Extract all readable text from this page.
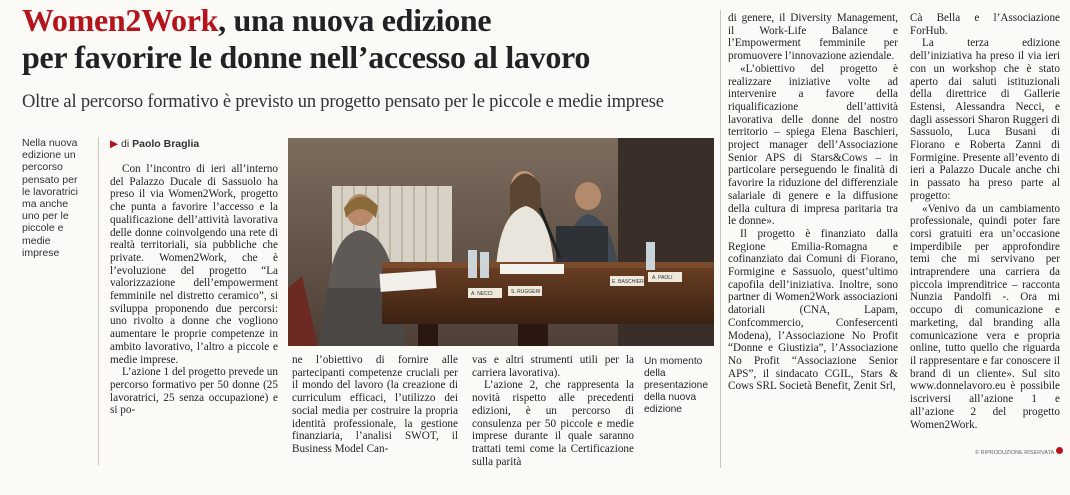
Women2Work, una nuova edizione
per favorire le donne nell’accesso al lavoro

Oltre al percorso formativo è previsto un progetto pensato per le piccole e medie imprese

Nella nuova edizione un percorso pensato per le lavoratrici ma anche uno per le piccole e medie imprese

▶ di Paolo Braglia

A. NECCI	S. RUGGERI
E. BASCHIERI
A. PAOLI

Un momento della presentazione della nuova edizione

Con l’incontro di ieri all’interno del Palazzo Ducale di Sassuolo ha preso il via Women2Work, progetto che punta a favorire l’accesso e la qualificazione dell’attività lavorativa delle donne coinvolgendo una rete di realtà territoriali, sia pubbliche che private. Women2Work, che è l’evoluzione del progetto “La valorizzazione dell’empowerment femminile nel distretto ceramico”, si sviluppa proponendo due percorsi: uno rivolto a donne che vogliono aumentare le proprie competenze in ambito lavorativo, l’altro a piccole e medie imprese.

L’azione 1 del progetto prevede un percorso formativo per 50 donne (25 lavoratrici, 25 senza occupazione) e si po-

ne l’obiettivo di fornire alle partecipanti competenze cruciali per il mondo del lavoro (la creazione di curriculum efficaci, l’utilizzo dei social media per costruire la propria identità professionale, la gestione finanziaria, l’analisi SWOT, il Business Model Can-

vas e altri strumenti utili per la carriera lavorativa).

L’azione 2, che rappresenta la novità rispetto alle precedenti edizioni, è un percorso di consulenza per 50 piccole e medie imprese durante il quale saranno trattati temi come la Certificazione sulla parità

di genere, il Diversity Management, il Work-Life Balance e l’Empowerment femminile per promuovere l’innovazione aziendale.

«L’obiettivo del progetto è realizzare iniziative volte ad intervenire a favore della riqualificazione dell’attività lavorativa delle donne del nostro territorio – spiega Elena Baschieri, project manager dell’Associazione Senior APS di Stars&Cows – in particolare perseguendo le finalità di favorire la riduzione del differenziale salariale di genere e la diffusione della cultura di impresa paritaria tra le donne».

Il progetto è finanziato dalla Regione Emilia-Romagna e cofinanziato dai Comuni di Fiorano, Formigine e Sassuolo, quest’ultimo capofila dell’iniziativa. Inoltre, sono partner di Women2Work associazioni datoriali (CNA, Lapam, Confcommercio, Confesercenti Modena), l’Associazione No Profit “Donne e Giustizia”, l’Associazione No Profit “Associazione Senior APS”, il sindacato CGIL, Stars & Cows SRL Società Benefit, Zenit Srl,

Cà Bella e l’Associazione ForHub.

La terza edizione dell’iniziativa ha preso il via ieri con un workshop che è stato aperto dai saluti istituzionali della direttrice di Gallerie Estensi, Alessandra Necci, e dagli assessori Sharon Ruggeri di Sassuolo, Luca Busani di Fiorano e Roberta Zanni di Formigine. Presente all’evento di ieri a Palazzo Ducale anche chi in passato ha preso parte al progetto:

«Venivo da un cambiamento professionale, quindi poter fare corsi gratuiti era un’occasione imperdibile per approfondire temi che mi servivano per intraprendere una carriera da piccola imprenditrice – racconta Nunzia Pandolfi -. Ora mi occupo di comunicazione e marketing, dal branding alla comunicazione vera e propria online, tutto quello che riguarda il rappresentare e far conoscere il brand di un cliente». Sul sito www.donnelavoro.eu è possibile iscriversi all’azione 1 e all’azione 2 del progetto Women2Work.

© RIPRODUZIONE RISERVATA
